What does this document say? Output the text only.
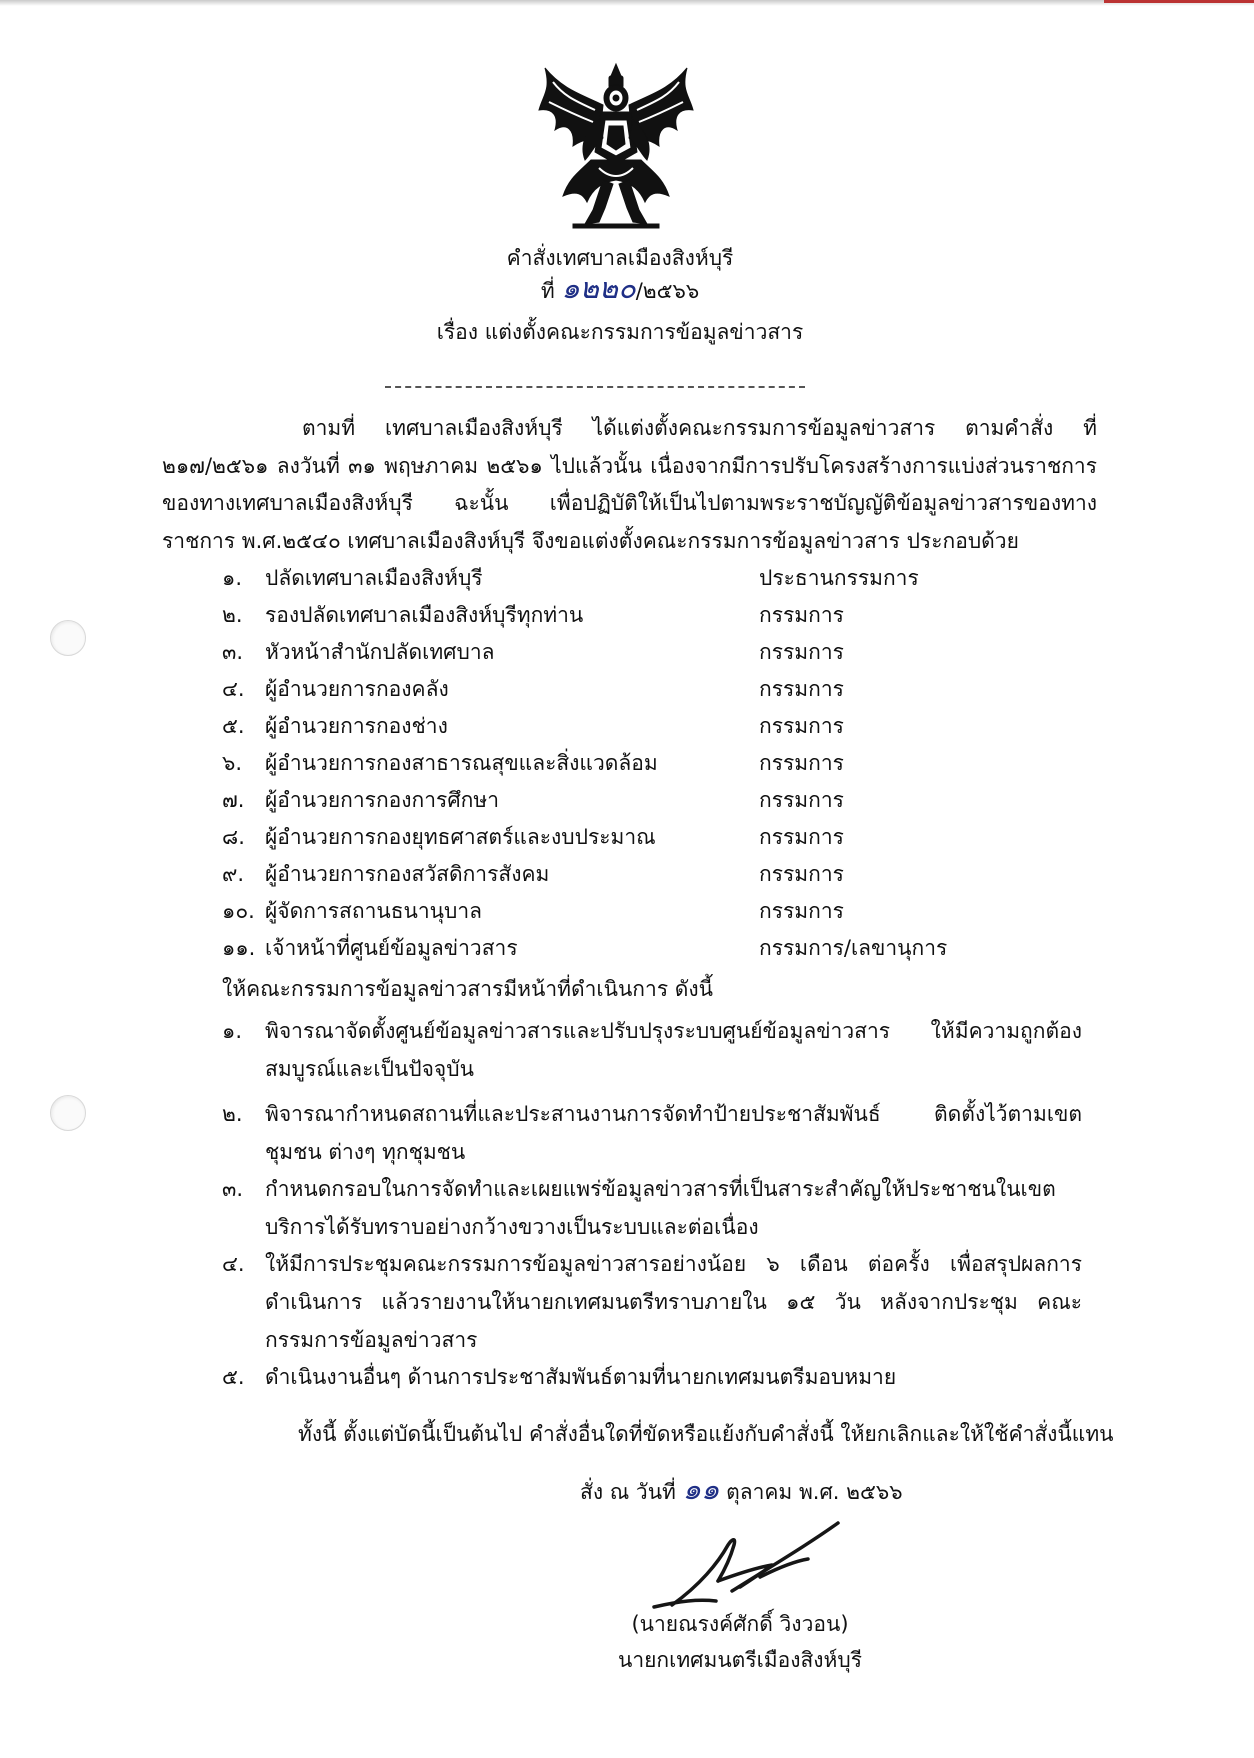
คำสั่งเทศบาลเมืองสิงห์บุรี
ที่ ๑๒๒๐/๒๕๖๖
เรื่อง แต่งตั้งคณะกรรมการข้อมูลข่าวสาร
ตามที่ เทศบาลเมืองสิงห์บุรี ได้แต่งตั้งคณะกรรมการข้อมูลข่าวสาร ตามคำสั่ง ที่ ๒๑๗/๒๕๖๑ ลงวันที่ ๓๑ พฤษภาคม ๒๕๖๑ ไปแล้วนั้น เนื่องจากมีการปรับโครงสร้างการแบ่งส่วนราชการของทางเทศบาลเมืองสิงห์บุรี ฉะนั้น เพื่อปฏิบัติให้เป็นไปตามพระราชบัญญัติข้อมูลข่าวสารของทางราชการ พ.ศ.๒๕๔๐ เทศบาลเมืองสิงห์บุรี จึงขอแต่งตั้งคณะกรรมการข้อมูลข่าวสาร ประกอบด้วย
๑.	ปลัดเทศบาลเมืองสิงห์บุรี	ประธานกรรมการ
๒.	รองปลัดเทศบาลเมืองสิงห์บุรีทุกท่าน	กรรมการ
๓.	หัวหน้าสำนักปลัดเทศบาล	กรรมการ
๔. ผู้อำนวยการกองคลัง	กรรมการ
๕. ผู้อำนวยการกองช่าง	กรรมการ
๖.	ผู้อำนวยการกองสาธารณสุขและสิ่งแวดล้อม	กรรมการ
๗. ผู้อำนวยการกองการศึกษา	กรรมการ
๘. ผู้อำนวยการกองยุทธศาสตร์และงบประมาณ	กรรมการ
๙. ผู้อำนวยการกองสวัสดิการสังคม	กรรมการ
๑๐. ผู้จัดการสถานธนานุบาล	กรรมการ
๑๑. เจ้าหน้าที่ศูนย์ข้อมูลข่าวสาร	กรรมการ/เลขานุการ
ให้คณะกรรมการข้อมูลข่าวสารมีหน้าที่ดำเนินการ ดังนี้
๑. พิจารณาจัดตั้งศูนย์ข้อมูลข่าวสารและปรับปรุงระบบศูนย์ข้อมูลข่าวสาร ให้มีความถูกต้อง สมบูรณ์และเป็นปัจจุบัน
๒. พิจารณากำหนดสถานที่และประสานงานการจัดทำป้ายประชาสัมพันธ์ ติดตั้งไว้ตามเขตชุมชน ต่างๆ ทุกชุมชน
๓. กำหนดกรอบในการจัดทำและเผยแพร่ข้อมูลข่าวสารที่เป็นสาระสำคัญให้ประชาชนในเขต บริการได้รับทราบอย่างกว้างขวางเป็นระบบและต่อเนื่อง
๔. ให้มีการประชุมคณะกรรมการข้อมูลข่าวสารอย่างน้อย ๖ เดือน ต่อครั้ง เพื่อสรุปผลการ ดำเนินการ แล้วรายงานให้นายกเทศมนตรีทราบภายใน ๑๕ วัน หลังจากประชุม คณะกรรมการข้อมูลข่าวสาร
๕. ดำเนินงานอื่นๆ ด้านการประชาสัมพันธ์ตามที่นายกเทศมนตรีมอบหมาย
ทั้งนี้ ตั้งแต่บัดนี้เป็นต้นไป คำสั่งอื่นใดที่ขัดหรือแย้งกับคำสั่งนี้ ให้ยกเลิกและให้ใช้คำสั่งนี้แทน
สั่ง ณ วันที่ ๑๑ ตุลาคม พ.ศ. ๒๕๖๖
(นายณรงค์ศักดิ์ วิงวอน)
นายกเทศมนตรีเมืองสิงห์บุรี
